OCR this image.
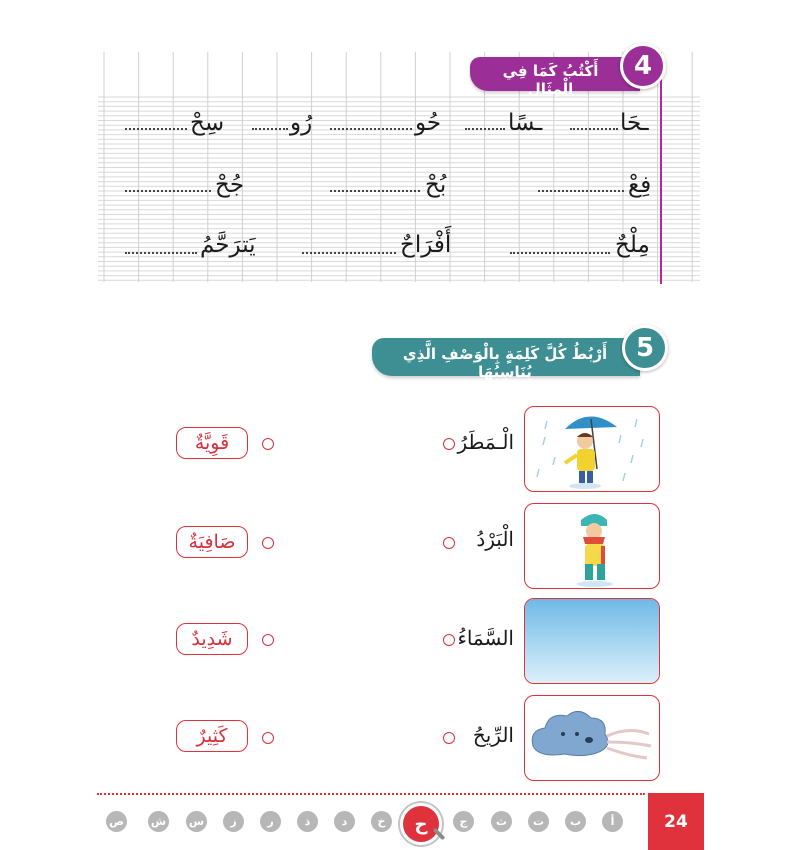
أَكْتُبُ كَمَا فِي الْمِثَالِ
4
ـحَا
ـسًا
حُو
رُو
سِحْ
فِعْ
بُحْ
جُحْ
مِلْحٌ
أَفْرَاحٌ
يَترَحَّمُ
أَرْبُطُ كُلَّ كَلِمَةٍ بِالْوَصْفِ الَّذِي يُنَاسِبُهَا
5
الْـمَطَرُ
قَوِيَّةٌ
الْبَرْدُ
صَافِيَةٌ
السَّمَاءُ
شَدِيدٌ
الرِّيحُ
كَثِيرٌ
24
أ
ب
ت
ث
ج
ح
خ
د
ذ
ر
ز
س
ش
ص
